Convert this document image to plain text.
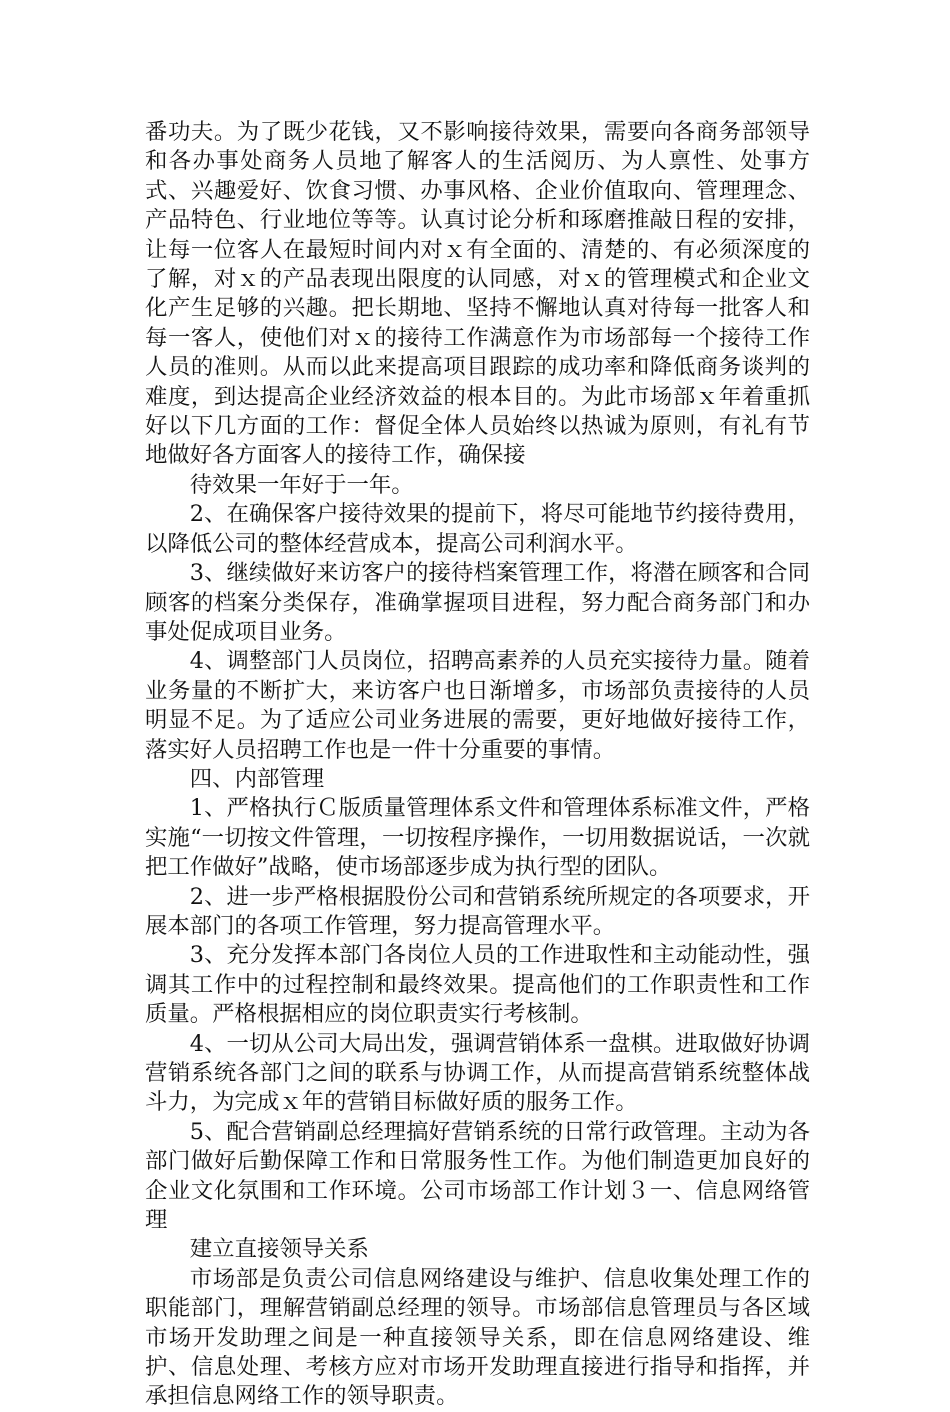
番功夫。为了既少花钱，又不影响接待效果，需要向各商务部领导和各办事处商务人员地了解客人的生活阅历、为人禀性、处事方式、兴趣爱好、饮食习惯、办事风格、企业价值取向、管理理念、产品特色、行业地位等等。认真讨论分析和琢磨推敲日程的安排，让每一位客人在最短时间内对ｘ有全面的、清楚的、有必须深度的了解，对ｘ的产品表现出限度的认同感，对ｘ的管理模式和企业文化产生足够的兴趣。把长期地、坚持不懈地认真对待每一批客人和每一客人，使他们对ｘ的接待工作满意作为市场部每一个接待工作人员的准则。从而以此来提高项目跟踪的成功率和降低商务谈判的难度，到达提高企业经济效益的根本目的。为此市场部ｘ年着重抓好以下几方面的工作：督促全体人员始终以热诚为原则，有礼有节地做好各方面客人的接待工作，确保接

待效果一年好于一年。

2、在确保客户接待效果的提前下，将尽可能地节约接待费用，以降低公司的整体经营成本，提高公司利润水平。

3、继续做好来访客户的接待档案管理工作，将潜在顾客和合同顾客的档案分类保存，准确掌握项目进程，努力配合商务部门和办事处促成项目业务。

4、调整部门人员岗位，招聘高素养的人员充实接待力量。随着业务量的不断扩大，来访客户也日渐增多，市场部负责接待的人员明显不足。为了适应公司业务进展的需要，更好地做好接待工作，落实好人员招聘工作也是一件十分重要的事情。

四、内部管理

1、严格执行Ｃ版质量管理体系文件和管理体系标准文件，严格实施“一切按文件管理，一切按程序操作，一切用数据说话，一次就把工作做好”战略，使市场部逐步成为执行型的团队。

2、进一步严格根据股份公司和营销系统所规定的各项要求，开展本部门的各项工作管理，努力提高管理水平。

3、充分发挥本部门各岗位人员的工作进取性和主动能动性，强调其工作中的过程控制和最终效果。提高他们的工作职责性和工作质量。严格根据相应的岗位职责实行考核制。

4、一切从公司大局出发，强调营销体系一盘棋。进取做好协调营销系统各部门之间的联系与协调工作，从而提高营销系统整体战斗力，为完成ｘ年的营销目标做好质的服务工作。

5、配合营销副总经理搞好营销系统的日常行政管理。主动为各部门做好后勤保障工作和日常服务性工作。为他们制造更加良好的企业文化氛围和工作环境。公司市场部工作计划３一、信息网络管理

建立直接领导关系

市场部是负责公司信息网络建设与维护、信息收集处理工作的职能部门，理解营销副总经理的领导。市场部信息管理员与各区域市场开发助理之间是一种直接领导关系，即在信息网络建设、维护、信息处理、考核方应对市场开发助理直接进行指导和指挥，并承担信息网络工作的领导职责。
